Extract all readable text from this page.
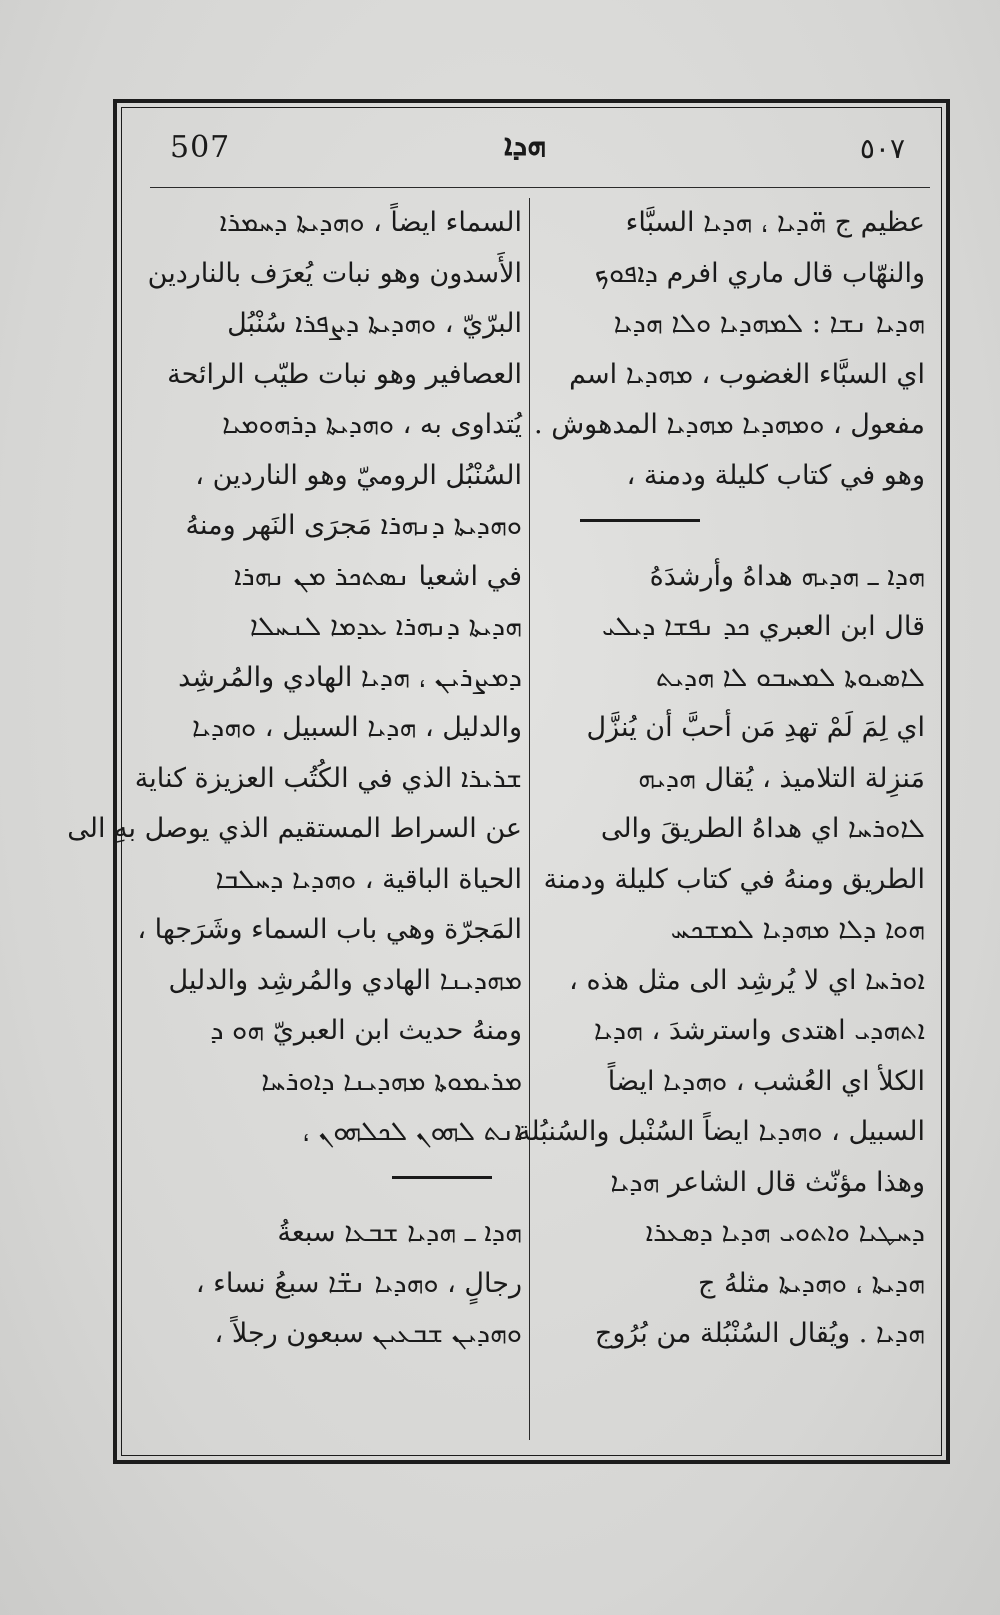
507	ܗܕܐ	٥٠٧
عظيم ج ܗ̈ܕܝܐ ، ܗܕܝܐ السبَّاء
والنهّاب قال ماري افرم ܕܐܦܘܟ
ܗܕܝܐ ܢܫܐ : ܠܡܗܕܝܐ ܘܠܐ ܗܕܝܐ
اي السبَّاء الغضوب ، ܡܗܕܝܐ اسم
مفعول ، ܘܡܗܕܝܐ ܡܗܕܝܐ المدهوش .
وهو في كتاب كليلة ودمنة ،
ܗܕܐ ـ ܗܕܝܗ هداهُ وأرشدَهُ
قال ابن العبري ܟܕ ܢܦܫܐ ܕܝܠܝ
ܠܐܣܝܘܬܐ ܠܡܚܒܘ ܠܐ ܗܕܝܬ
اي لِمَ لَمْ تهدِ مَن أحبَّ أن يُنزَّل
مَنزِلة التلاميذ ، يُقال ܗܕܝܗ
ܠܐܘܪܚܐ اي هداهُ الطريقَ والى
الطريق ومنهُ في كتاب كليلة ودمنة
ܗܘܐ ܕܠܐ ܡܗܕܝܐ ܠܡܫܟܚ
ܐܘܪܚܐ اي لا يُرشِد الى مثل هذه ،
ܐܬܗܕܝ اهتدى واسترشدَ ، ܗܕܝܐ
الكلأ اي العُشب ، ܘܗܕܝܐ ايضاً
السبيل ، ܘܗܕܝܐ ايضاً السُنْبل والسُنبُلة
وهذا مؤنّث قال الشاعر ܗܕܝܐ
ܕܚܛܝܐ ܘܐܬܘܝ ܗܕܝܐ ܕܣܥܪܐ
ܗܕܝܬܐ ، ܘܗܕܝܬܐ مثلهُ ج
ܗܕܝܐ . ويُقال السُنْبُلة من بُرُوج
السماء ايضاً ، ܘܗܕܝܬܐ ܕܚܡܪܐ
الأَسدون وهو نبات يُعرَف بالناردين
البرّيّ ، ܘܗܕܝܬܐ ܕܨܦܪܐ سُنْبُل
العصافير وهو نبات طيّب الرائحة
يُتداوى به ، ܘܗܕܝܬܐ ܕܪܗܘܡܝܐ
السُنْبُل الروميّ وهو الناردين ،
ܘܗܕܝܬܐ ܕܢܗܪܐ مَجرَى النَهر ومنهُ
في اشعيا ܢܣܬܟܪ ܡܢ ܢܗܪܐ
ܗܕܝܬܐ ܕܢܗܪܐ ܥܕܡܐ ܠܢܚܠܐ
ܕܡܨܪܝܢ ، ܗܕܝܐ الهادي والمُرشِد
والدليل ، ܗܕܝܐ السبيل ، ܘܗܕܝܐ
ܫܪܝܪܐ الذي في الكُتُب العزيزة كناية
عن السراط المستقيم الذي يوصل بهِ الى
الحياة الباقية ، ܘܗܕܝܐ ܕܚܠܒܐ
المَجرّة وهي باب السماء وشَرَجها ،
ܡܗܕܝܢܐ الهادي والمُرشِد والدليل
ومنهُ حديث ابن العبريّ ܗܘ ܕ
ܡܪܝܡܘܬܐ ܡܗܕܝܢܐ ܕܐܘܪܚܐ
ܐܢܬ ܠܗܘܢ ܠܟܠܗܘܢ ،
ܗܕܐ ـ ܗܕܝܐ ܫܒܥܐ سبعةُ
رجالٍ ، ܘܗܕܝܐ ܢܫ̈ܐ سبعُ نساء ،
ܘܗܕܝܢ ܫܒܥܝܢ سبعون رجلاً ،
